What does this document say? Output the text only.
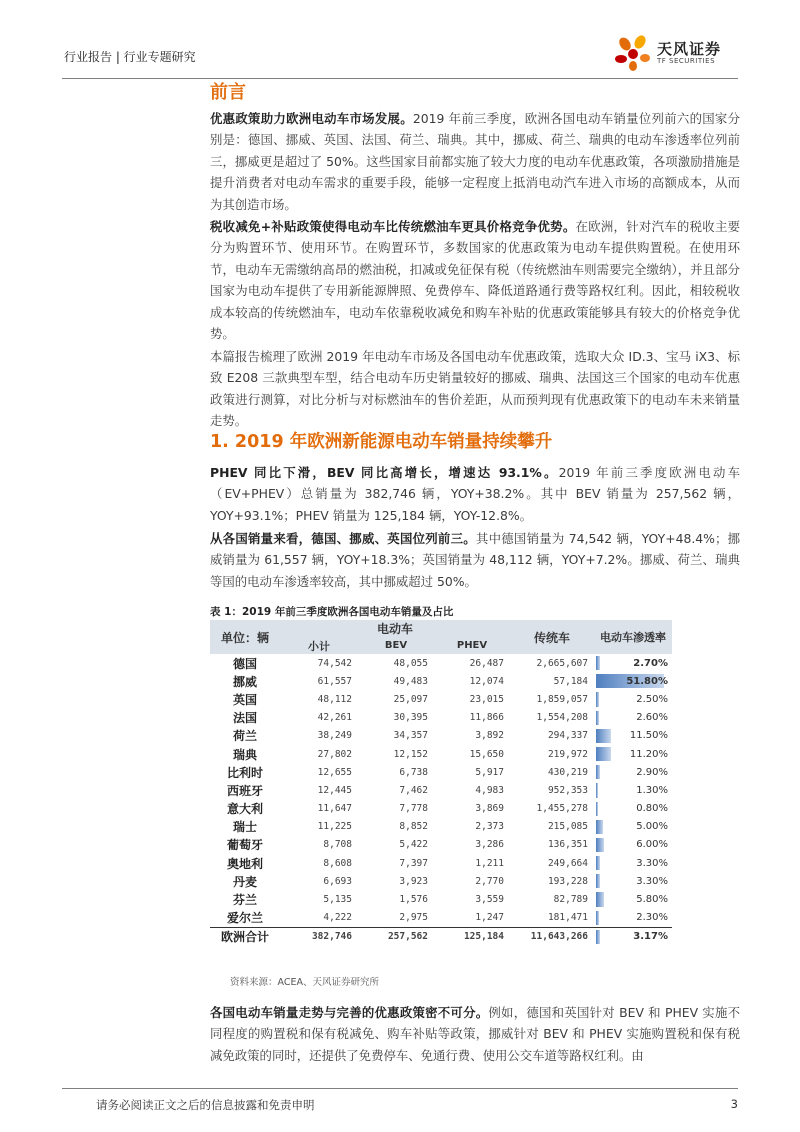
行业报告 | 行业专题研究	天风证券
TF SECURITIES
前言
优惠政策助力欧洲电动车市场发展。2019 年前三季度，欧洲各国电动车销量位列前六的国家分别是：德国、挪威、英国、法国、荷兰、瑞典。其中，挪威、荷兰、瑞典的电动车渗透率位列前三，挪威更是超过了 50%。这些国家目前都实施了较大力度的电动车优惠政策，各项激励措施是提升消费者对电动车需求的重要手段，能够一定程度上抵消电动汽车进入市场的高额成本，从而为其创造市场。
税收减免+补贴政策使得电动车比传统燃油车更具价格竞争优势。在欧洲，针对汽车的税收主要分为购置环节、使用环节。在购置环节，多数国家的优惠政策为电动车提供购置税。在使用环节，电动车无需缴纳高昂的燃油税，扣减或免征保有税（传统燃油车则需要完全缴纳），并且部分国家为电动车提供了专用新能源牌照、免费停车、降低道路通行费等路权红利。因此，相较税收成本较高的传统燃油车，电动车依靠税收减免和购车补贴的优惠政策能够具有较大的价格竞争优势。
本篇报告梳理了欧洲 2019 年电动车市场及各国电动车优惠政策，选取大众 ID.3、宝马 iX3、标致 E208 三款典型车型，结合电动车历史销量较好的挪威、瑞典、法国这三个国家的电动车优惠政策进行测算，对比分析与对标燃油车的售价差距，从而预判现有优惠政策下的电动车未来销量走势。
1. 2019 年欧洲新能源电动车销量持续攀升
PHEV 同比下滑，BEV 同比高增长，增速达 93.1%。2019 年前三季度欧洲电动车（EV+PHEV）总销量为 382,746 辆，YOY+38.2%。其中 BEV 销量为 257,562 辆，YOY+93.1%；PHEV 销量为 125,184 辆，YOY-12.8%。
从各国销量来看，德国、挪威、英国位列前三。其中德国销量为 74,542 辆，YOY+48.4%；挪威销量为 61,557 辆，YOY+18.3%；英国销量为 48,112 辆，YOY+7.2%。挪威、荷兰、瑞典等国的电动车渗透率较高，其中挪威超过 50%。
表 1：2019 年前三季度欧洲各国电动车销量及占比
单位：辆	电动车			传统车	电动车渗透率
	小计	BEV	PHEV		
德国	74,542	48,055	26,487	2,665,607	2.70%
挪威	61,557	49,483	12,074	57,184	51.80%
英国	48,112	25,097	23,015	1,859,057	2.50%
法国	42,261	30,395	11,866	1,554,208	2.60%
荷兰	38,249	34,357	3,892	294,337	11.50%
瑞典	27,802	12,152	15,650	219,972	11.20%
比利时	12,655	6,738	5,917	430,219	2.90%
西班牙	12,445	7,462	4,983	952,353	1.30%
意大利	11,647	7,778	3,869	1,455,278	0.80%
瑞士	11,225	8,852	2,373	215,085	5.00%
葡萄牙	8,708	5,422	3,286	136,351	6.00%
奥地利	8,608	7,397	1,211	249,664	3.30%
丹麦	6,693	3,923	2,770	193,228	3.30%
芬兰	5,135	1,576	3,559	82,789	5.80%
爱尔兰	4,222	2,975	1,247	181,471	2.30%
欧洲合计	382,746	257,562	125,184	11,643,266	3.17%
资料来源：ACEA、天风证券研究所
各国电动车销量走势与完善的优惠政策密不可分。例如，德国和英国针对 BEV 和 PHEV 实施不同程度的购置税和保有税减免、购车补贴等政策，挪威针对 BEV 和 PHEV 实施购置税和保有税减免政策的同时，还提供了免费停车、免通行费、使用公交车道等路权红利。由
请务必阅读正文之后的信息披露和免责申明	3
